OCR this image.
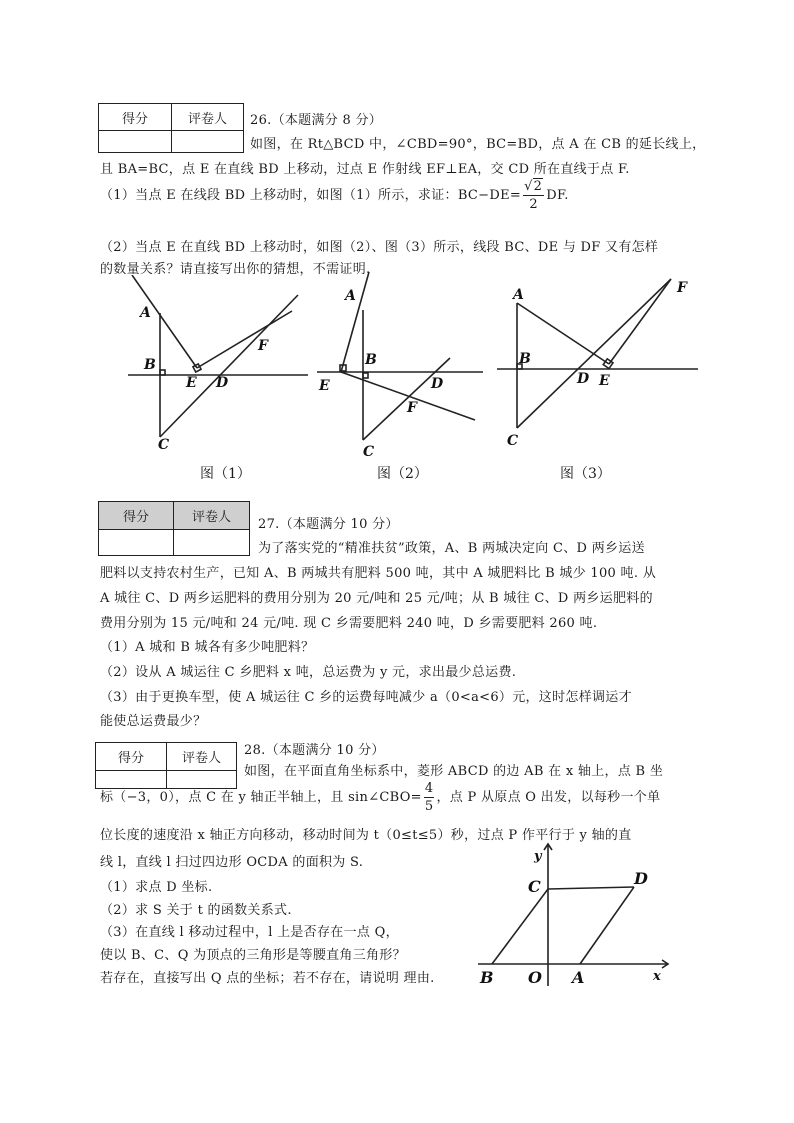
得分	评卷人
	26.（本题满分 8 分）
如图，在 Rt△BCD 中，∠CBD=90°，BC=BD，点 A 在 CB 的延长线上，
且 BA=BC，点 E 在直线 BD 上移动，过点 E 作射线 EF⊥EA，交 CD 所在直线于点 F.
（1）当点 E 在线段 BD 上移动时，如图（1）所示，求证：$BC-DE= \frac{√2}{2}$ DF.
（2）当点 E 在直线 BD 上移动时，如图（2）、图（3）所示，线段 BC、DE 与 DF 又有怎样
的数量关系？请直接写出你的猜想，不需证明.
A
B
E D
F
C
图（1）
A
B
E	D
F
C
图（2）
A
B
D E
F
C
图（3）
得分	评卷人
	27.（本题满分 10 分）
为了落实党的“精准扶贫”政策，A、B 两城决定向 C、D 两乡运送
肥料以支持农村生产，已知 A、B 两城共有肥料 500 吨，其中 A 城肥料比 B 城少 100 吨. 从
A 城往 C、D 两乡运肥料的费用分别为 20 元/吨和 25 元/吨；从 B 城往 C、D 两乡运肥料的
费用分别为 15 元/吨和 24 元/吨. 现 C 乡需要肥料 240 吨，D 乡需要肥料 260 吨.
（1）A 城和 B 城各有多少吨肥料？
（2）设从 A 城运往 C 乡肥料 x 吨，总运费为 y 元，求出最少总运费.
（3）由于更换车型，使 A 城运往 C 乡的运费每吨减少 a（0<a<6）元，这时怎样调运才
能使总运费最少？
得分	评卷人

28.（本题满分 10 分）
如图，在平面直角坐标系中，菱形 ABCD 的边 AB 在 x 轴上，点 B 坐
标（−3，0），点 C 在 y 轴正半轴上，且 sin∠CBO= $\frac{4}{5}$ ，点 P 从原点 O 出发，以每秒一个单
位长度的速度沿 x 轴正方向移动，移动时间为 t（0≤t≤5）秒，过点 P 作平行于 y 轴的直
线 l，直线 l 扫过四边形 OCDA 的面积为 S.
（1）求点 D 坐标.
（2）求 S 关于 t 的函数关系式.
（3）在直线 l 移动过程中，l 上是否存在一点 Q，
使以 B、C、Q 为顶点的三角形是等腰直角三角形？
若存在，直接写出 Q 点的坐标；若不存在，请说明 理由.
y
C	D
B O A	x
